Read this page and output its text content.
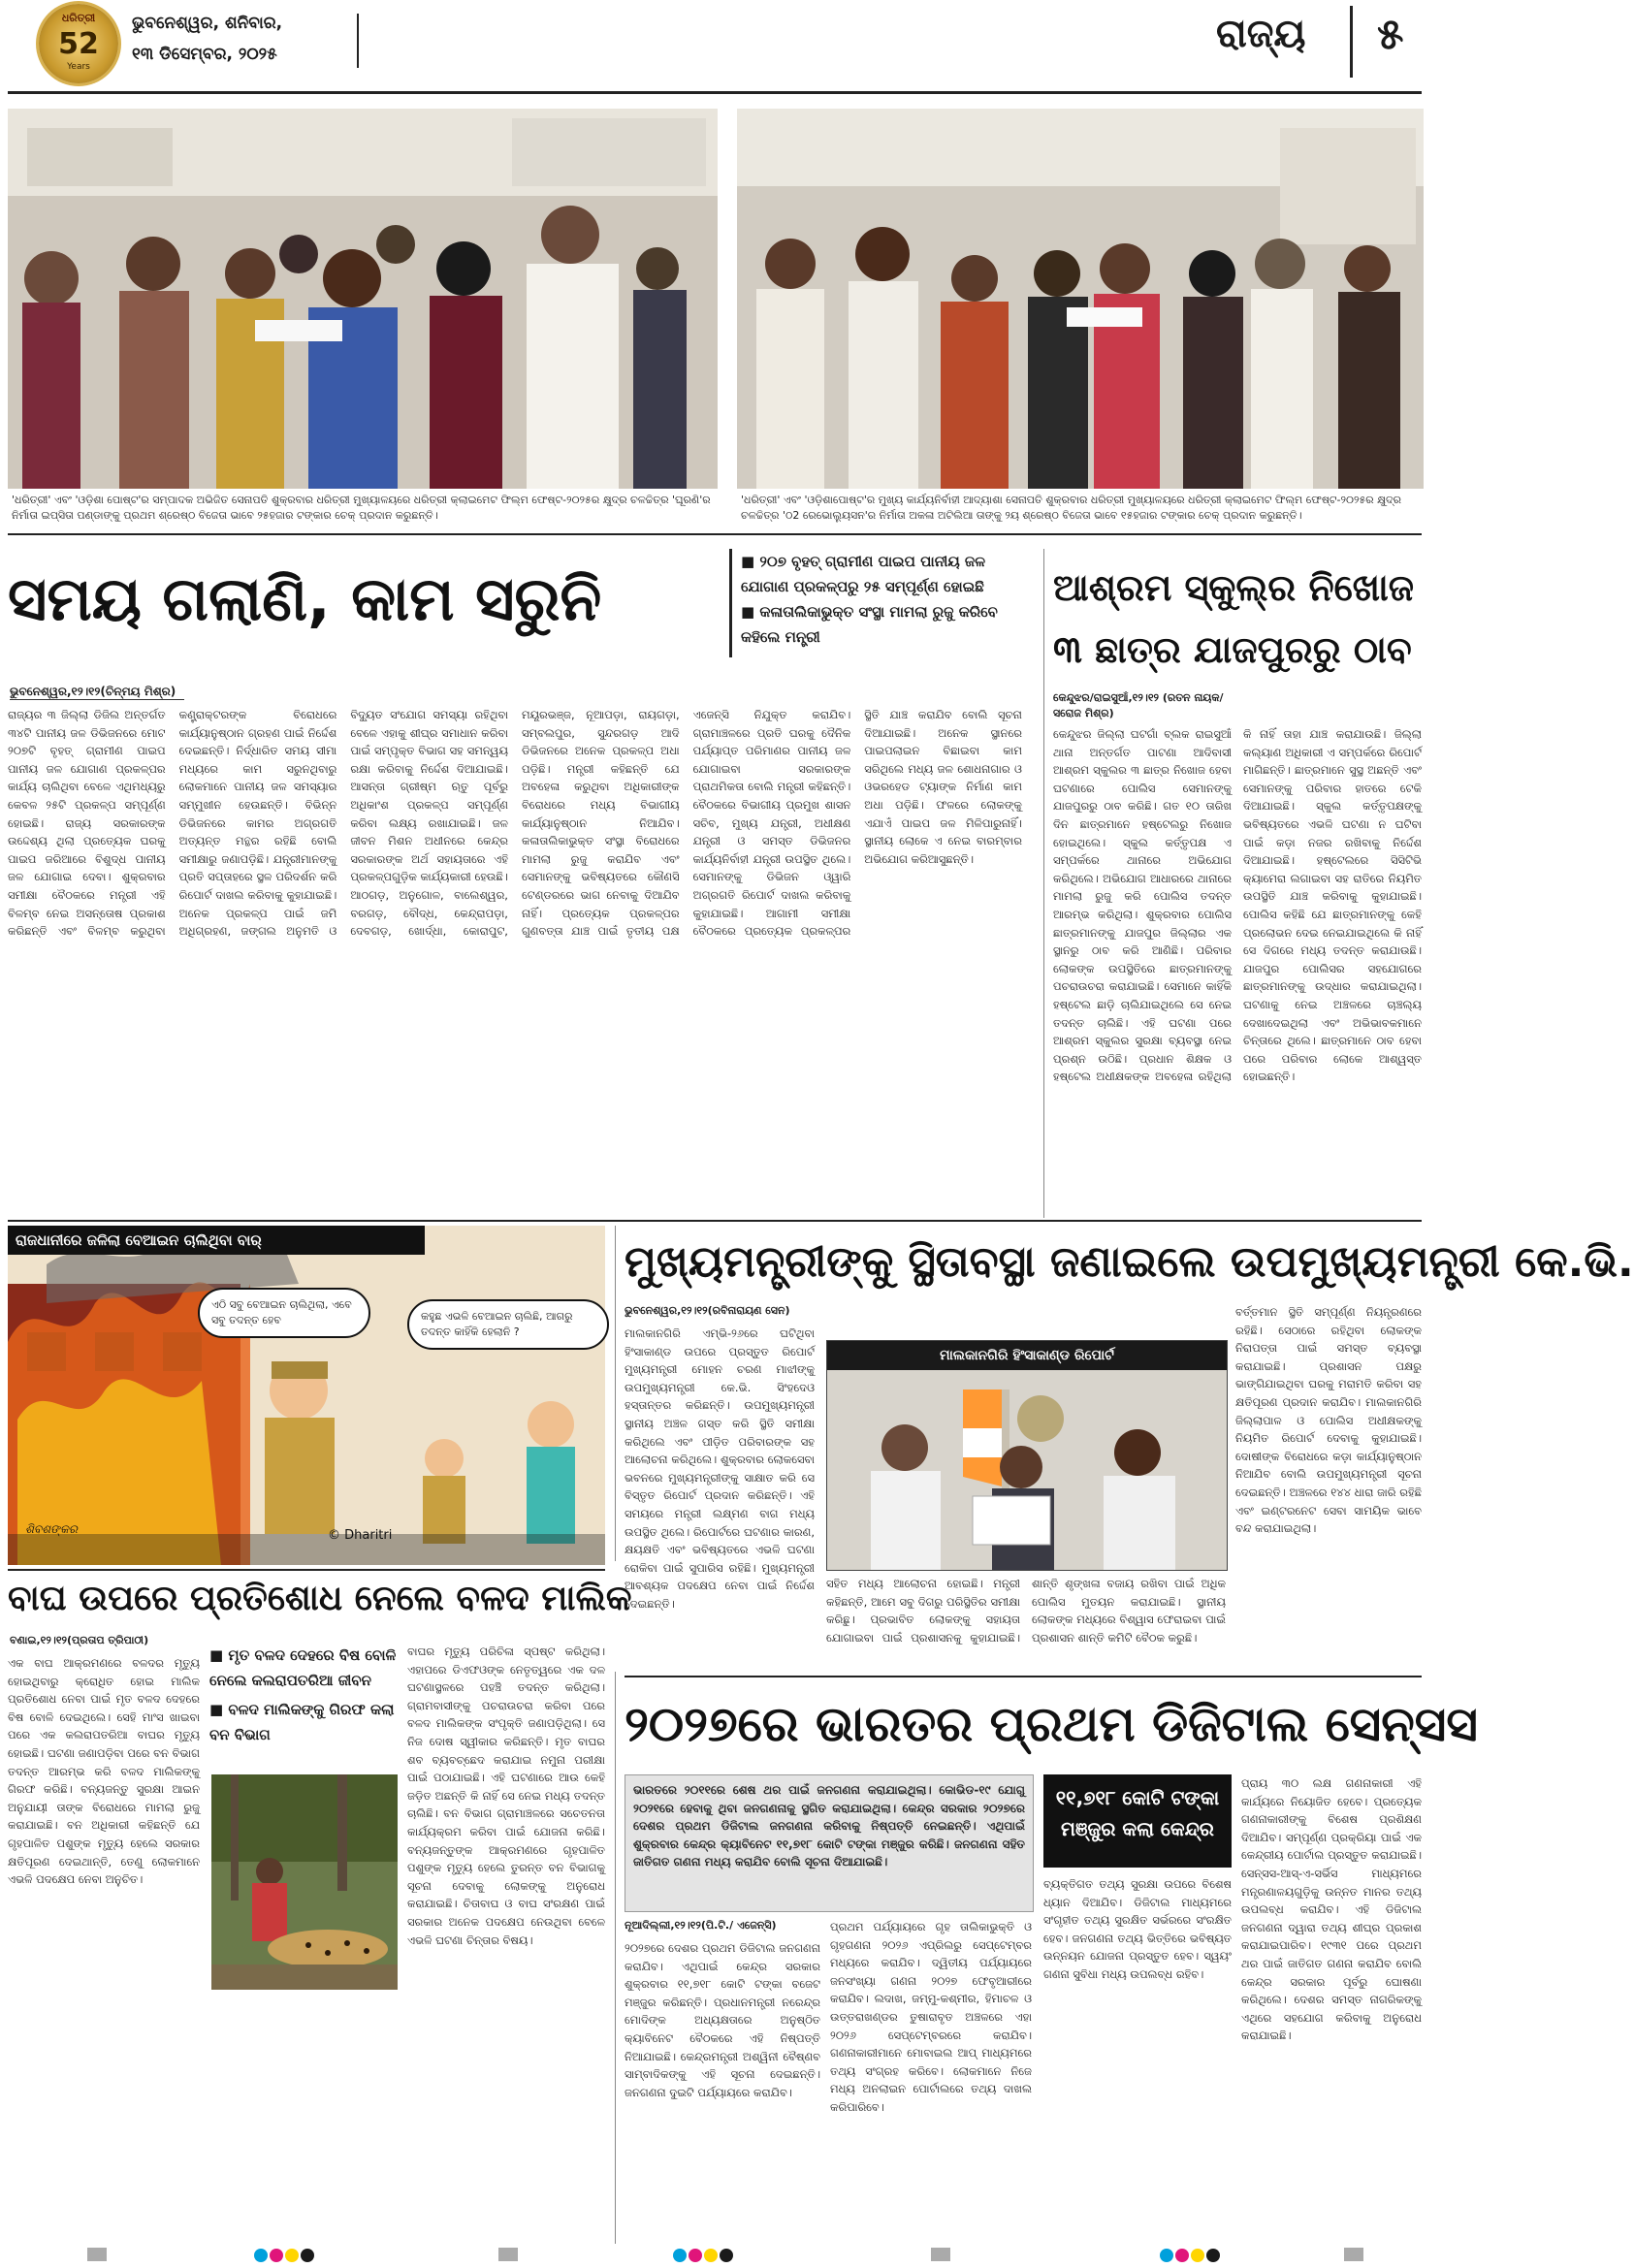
ଧରିତ୍ରୀ
52
Years
ଭୁବନେଶ୍ୱର, ଶନିବାର,
୧୩ ଡିସେମ୍ବର, ୨୦୨୫	ରାଜ୍ୟ ୫
'ଧରିତ୍ରୀ' ଏବଂ 'ଓଡ଼ିଶା ପୋଷ୍ଟ'ର ସମ୍ପାଦକ ଅଭିଜିତ ସେନାପତି ଶୁକ୍ରବାର ଧରିତ୍ରୀ ମୁଖ୍ୟାଳୟରେ ଧରିତ୍ରୀ କ୍ଲାଇମେଟ ଫିଲ୍ମ ଫେଷ୍ଟ-୨୦୨୫ର କ୍ଷୁଦ୍ର ଚଳଚ୍ଚିତ୍ର 'ଘୂରଣି'ର ନିର୍ମାତା ଇପ୍ସିତା ପଣ୍ଡାଙ୍କୁ ପ୍ରଥମ ଶ୍ରେଷ୍ଠ ବିଜେତା ଭାବେ ୨୫ହଜାର ଟଙ୍କାର ଚେକ୍ ପ୍ରଦାନ କରୁଛନ୍ତି।
'ଧରିତ୍ରୀ' ଏବଂ 'ଓଡ଼ିଶାପୋଷ୍ଟ'ର ମୁଖ୍ୟ କାର୍ଯ୍ୟନିର୍ବାହୀ ଆଦ୍ୟାଶା ସେନାପତି ଶୁକ୍ରବାର ଧରିତ୍ରୀ ମୁଖ୍ୟାଳୟରେ ଧରିତ୍ରୀ କ୍ଲାଇମେଟ ଫିଲ୍ମ ଫେଷ୍ଟ-୨୦୨୫ର କ୍ଷୁଦ୍ର ଚଳଚ୍ଚିତ୍ର 'ଠ2 ରେଭୋଲ୍ୟୁସନ'ର ନିର୍ମାତା ଅକଳା ଅଟିଲିଆ ତାଙ୍କୁ ୨ୟ ଶ୍ରେଷ୍ଠ ବିଜେତା ଭାବେ ୧୫ହଜାର ଟଙ୍କାର ଚେକ୍ ପ୍ରଦାନ କରୁଛନ୍ତି।
ସମୟ ଗଲାଣି, କାମ ସରୁନି
■ ୨୦୭ ବୃହତ୍ ଗ୍ରାମୀଣ ପାଇପ ପାନୀୟ ଜଳ ଯୋଗାଣ ପ୍ରକଳ୍ପରୁ ୨୫ ସମ୍ପୂର୍ଣ୍ଣ ହୋଇଛି
■ କଳାତାଲିକାଭୁକ୍ତ ସଂସ୍ଥା ମାମଲା ରୁଜୁ କରିବେ କହିଲେ ମନ୍ତ୍ରୀ
ଭୁବନେଶ୍ୱର,୧୨।୧୨(ଚିନ୍ମୟ ମିଶ୍ର)
ରାଜ୍ୟର ୩ ଜିଲ୍ଲା ଡିଜିଲ ଅନ୍ତର୍ଗତ ୩୪ଟି ପାନୀୟ ଜଳ ଡିଭିଜନରେ ମୋଟ ୨୦୭ଟି ବୃହତ୍ ଗ୍ରାମୀଣ ପାଇପ ପାନୀୟ ଜଳ ଯୋଗାଣ ପ୍ରକଳ୍ପର କାର୍ଯ୍ୟ ଚାଲିଥିବା ବେଳେ ଏଥିମଧ୍ୟରୁ କେବଳ ୨୫ଟି ପ୍ରକଳ୍ପ ସମ୍ପୂର୍ଣ୍ଣ ହୋଇଛି। ରାଜ୍ୟ ସରକାରଙ୍କ ଉଦ୍ଦେଶ୍ୟ ଥିଲା ପ୍ରତ୍ୟେକ ଘରକୁ ପାଇପ ଜରିଆରେ ବିଶୁଦ୍ଧ ପାନୀୟ ଜଳ ଯୋଗାଇ ଦେବା। ଶୁକ୍ରବାର ସମୀକ୍ଷା ବୈଠକରେ ମନ୍ତ୍ରୀ ଏହି ବିଳମ୍ବ ନେଇ ଅସନ୍ତୋଷ ପ୍ରକାଶ କରିଛନ୍ତି ଏବଂ ବିଳମ୍ବ କରୁଥିବା କଣ୍ଟ୍ରାକ୍ଟରଙ୍କ ବିରୋଧରେ କାର୍ଯ୍ୟାନୁଷ୍ଠାନ ଗ୍ରହଣ ପାଇଁ ନିର୍ଦ୍ଦେଶ ଦେଇଛନ୍ତି। ନିର୍ଦ୍ଧାରିତ ସମୟ ସୀମା ମଧ୍ୟରେ କାମ ସରୁନଥିବାରୁ ଲୋକମାନେ ପାନୀୟ ଜଳ ସମସ୍ୟାର ସମ୍ମୁଖୀନ ହେଉଛନ୍ତି। ବିଭିନ୍ନ ଡିଭିଜନରେ କାମର ଅଗ୍ରଗତି ଅତ୍ୟନ୍ତ ମନ୍ଥର ରହିଛି ବୋଲି ସମୀକ୍ଷାରୁ ଜଣାପଡ଼ିଛି। ଯନ୍ତ୍ରୀମାନଙ୍କୁ ପ୍ରତି ସପ୍ତାହରେ ସ୍ଥଳ ପରିଦର୍ଶନ କରି ରିପୋର୍ଟ ଦାଖଲ କରିବାକୁ କୁହାଯାଇଛି। ଅନେକ ପ୍ରକଳ୍ପ ପାଇଁ ଜମି ଅଧିଗ୍ରହଣ, ଜଙ୍ଗଲ ଅନୁମତି ଓ ବିଦ୍ୟୁତ ସଂଯୋଗ ସମସ୍ୟା ରହିଥିବା ବେଳେ ଏହାକୁ ଶୀଘ୍ର ସମାଧାନ କରିବା ପାଇଁ ସମ୍ପୃକ୍ତ ବିଭାଗ ସହ ସମନ୍ୱୟ ରକ୍ଷା କରିବାକୁ ନିର୍ଦ୍ଦେଶ ଦିଆଯାଇଛି। ଆସନ୍ତା ଗ୍ରୀଷ୍ମ ଋତୁ ପୂର୍ବରୁ ଅଧିକାଂଶ ପ୍ରକଳ୍ପ ସମ୍ପୂର୍ଣ୍ଣ କରିବା ଲକ୍ଷ୍ୟ ରଖାଯାଇଛି। ଜଳ ଜୀବନ ମିଶନ ଅଧୀନରେ କେନ୍ଦ୍ର ସରକାରଙ୍କ ଅର୍ଥ ସହାୟତାରେ ଏହି ପ୍ରକଳ୍ପଗୁଡ଼ିକ କାର୍ଯ୍ୟକାରୀ ହେଉଛି। ଆଠଗଡ଼, ଅନୁଗୋଳ, ବାଲେଶ୍ୱର, ବରଗଡ଼, ବୌଦ୍ଧ, କେନ୍ଦ୍ରାପଡ଼ା, ଦେବଗଡ଼, ଖୋର୍ଦ୍ଧା, କୋରାପୁଟ, ମୟୂରଭଞ୍ଜ, ନୂଆପଡ଼ା, ରାୟଗଡ଼ା, ସମ୍ବଲପୁର, ସୁନ୍ଦରଗଡ଼ ଆଦି ଡିଭିଜନରେ ଅନେକ ପ୍ରକଳ୍ପ ଅଧା ପଡ଼ିଛି। ମନ୍ତ୍ରୀ କହିଛନ୍ତି ଯେ ଅବହେଳା କରୁଥିବା ଅଧିକାରୀଙ୍କ ବିରୋଧରେ ମଧ୍ୟ ବିଭାଗୀୟ କାର୍ଯ୍ୟାନୁଷ୍ଠାନ ନିଆଯିବ। କଳାତାଲିକାଭୁକ୍ତ ସଂସ୍ଥା ବିରୋଧରେ ମାମଲା ରୁଜୁ କରାଯିବ ଏବଂ ସେମାନଙ୍କୁ ଭବିଷ୍ୟତରେ କୌଣସି ଟେଣ୍ଡରରେ ଭାଗ ନେବାକୁ ଦିଆଯିବ ନାହିଁ। ପ୍ରତ୍ୟେକ ପ୍ରକଳ୍ପର ଗୁଣବତ୍ତା ଯାଞ୍ଚ ପାଇଁ ତୃତୀୟ ପକ୍ଷ ଏଜେନ୍ସି ନିଯୁକ୍ତ କରାଯିବ। ଗ୍ରାମାଞ୍ଚଳରେ ପ୍ରତି ଘରକୁ ଦୈନିକ ପର୍ଯ୍ୟାପ୍ତ ପରିମାଣର ପାନୀୟ ଜଳ ଯୋଗାଇବା ସରକାରଙ୍କ ପ୍ରାଥମିକତା ବୋଲି ମନ୍ତ୍ରୀ କହିଛନ୍ତି। ବୈଠକରେ ବିଭାଗୀୟ ପ୍ରମୁଖ ଶାସନ ସଚିବ, ମୁଖ୍ୟ ଯନ୍ତ୍ରୀ, ଅଧୀକ୍ଷଣ ଯନ୍ତ୍ରୀ ଓ ସମସ୍ତ ଡିଭିଜନର କାର୍ଯ୍ୟନିର୍ବାହୀ ଯନ୍ତ୍ରୀ ଉପସ୍ଥିତ ଥିଲେ। ସେମାନଙ୍କୁ ଡିଭିଜନ ଓ୍ୱାରି ଅଗ୍ରଗତି ରିପୋର୍ଟ ଦାଖଲ କରିବାକୁ କୁହାଯାଇଛି। ଆଗାମୀ ସମୀକ୍ଷା ବୈଠକରେ ପ୍ରତ୍ୟେକ ପ୍ରକଳ୍ପର ସ୍ଥିତି ଯାଞ୍ଚ କରାଯିବ ବୋଲି ସୂଚନା ଦିଆଯାଇଛି। ଅନେକ ସ୍ଥାନରେ ପାଇପଲାଇନ ବିଛାଇବା କାମ ସରିଥିଲେ ମଧ୍ୟ ଜଳ ଶୋଧନାଗାର ଓ ଓଭରହେଡ ଟ୍ୟାଙ୍କ ନିର୍ମାଣ କାମ ଅଧା ପଡ଼ିଛି। ଫଳରେ ଲୋକଙ୍କୁ ଏଯାଏଁ ପାଇପ ଜଳ ମିଳିପାରୁନାହିଁ। ସ୍ଥାନୀୟ ଲୋକେ ଏ ନେଇ ବାରମ୍ବାର ଅଭିଯୋଗ କରିଆସୁଛନ୍ତି।
ଆଶ୍ରମ ସ୍କୁଲ୍‌ର ନିଖୋଜ
୩ ଛାତ୍ର ଯାଜପୁରରୁ ଠାବ
କେନ୍ଦୁଝର/ରାଇସୁଆଁ,୧୨।୧୨ (ରତନ ନାୟକ/ସରୋଜ ମିଶ୍ର)
କେନ୍ଦୁଝର ଜିଲ୍ଲା ଘଟଗାଁ ବ୍ଲକ ରାଇସୁଆଁ ଥାନା ଅନ୍ତର୍ଗତ ପାଟଣା ଆଦିବାସୀ ଆଶ୍ରମ ସ୍କୁଲର ୩ ଛାତ୍ର ନିଖୋଜ ହେବା ଘଟଣାରେ ପୋଲିସ ସେମାନଙ୍କୁ ଯାଜପୁରରୁ ଠାବ କରିଛି। ଗତ ୧୦ ତାରିଖ ଦିନ ଛାତ୍ରମାନେ ହଷ୍ଟେଲରୁ ନିଖୋଜ ହୋଇଥିଲେ। ସ୍କୁଲ କର୍ତ୍ତୃପକ୍ଷ ଏ ସମ୍ପର୍କରେ ଥାନାରେ ଅଭିଯୋଗ କରିଥିଲେ। ଅଭିଯୋଗ ଆଧାରରେ ଥାନାରେ ମାମଲା ରୁଜୁ କରି ପୋଲିସ ତଦନ୍ତ ଆରମ୍ଭ କରିଥିଲା। ଶୁକ୍ରବାର ପୋଲିସ ଛାତ୍ରମାନଙ୍କୁ ଯାଜପୁର ଜିଲ୍ଲାର ଏକ ସ୍ଥାନରୁ ଠାବ କରି ଆଣିଛି। ପରିବାର ଲୋକଙ୍କ ଉପସ୍ଥିତିରେ ଛାତ୍ରମାନଙ୍କୁ ପଚରାଉଚରା କରାଯାଇଛି। ସେମାନେ କାହିଁକି ହଷ୍ଟେଲ ଛାଡ଼ି ଚାଲିଯାଇଥିଲେ ସେ ନେଇ ତଦନ୍ତ ଚାଲିଛି। ଏହି ଘଟଣା ପରେ ଆଶ୍ରମ ସ୍କୁଲର ସୁରକ୍ଷା ବ୍ୟବସ୍ଥା ନେଇ ପ୍ରଶ୍ନ ଉଠିଛି। ପ୍ରଧାନ ଶିକ୍ଷକ ଓ ହଷ୍ଟେଲ ଅଧୀକ୍ଷକଙ୍କ ଅବହେଳା ରହିଥିଲା କି ନାହିଁ ତାହା ଯାଞ୍ଚ କରାଯାଉଛି। ଜିଲ୍ଲା କଲ୍ୟାଣ ଅଧିକାରୀ ଏ ସମ୍ପର୍କରେ ରିପୋର୍ଟ ମାଗିଛନ୍ତି। ଛାତ୍ରମାନେ ସୁସ୍ଥ ଅଛନ୍ତି ଏବଂ ସେମାନଙ୍କୁ ପରିବାର ହାତରେ ଟେକି ଦିଆଯାଇଛି। ସ୍କୁଲ କର୍ତ୍ତୃପକ୍ଷଙ୍କୁ ଭବିଷ୍ୟତରେ ଏଭଳି ଘଟଣା ନ ଘଟିବା ପାଇଁ କଡ଼ା ନଜର ରଖିବାକୁ ନିର୍ଦ୍ଦେଶ ଦିଆଯାଇଛି। ହଷ୍ଟେଲରେ ସିସିଟିଭି କ୍ୟାମେରା ଲଗାଇବା ସହ ରାତିରେ ନିୟମିତ ଉପସ୍ଥିତି ଯାଞ୍ଚ କରିବାକୁ କୁହାଯାଇଛି। ପୋଲିସ କହିଛି ଯେ ଛାତ୍ରମାନଙ୍କୁ କେହି ପ୍ରଲୋଭନ ଦେଇ ନେଇଯାଇଥିଲେ କି ନାହିଁ ସେ ଦିଗରେ ମଧ୍ୟ ତଦନ୍ତ କରାଯାଉଛି। ଯାଜପୁର ପୋଲିସର ସହଯୋଗରେ ଛାତ୍ରମାନଙ୍କୁ ଉଦ୍ଧାର କରାଯାଇଥିଲା। ଘଟଣାକୁ ନେଇ ଅଞ୍ଚଳରେ ଚାଞ୍ଚଲ୍ୟ ଦେଖାଦେଇଥିଲା ଏବଂ ଅଭିଭାବକମାନେ ଚିନ୍ତାରେ ଥିଲେ। ଛାତ୍ରମାନେ ଠାବ ହେବା ପରେ ପରିବାର ଲୋକେ ଆଶ୍ୱସ୍ତ ହୋଇଛନ୍ତି।
ରାଜଧାନୀରେ ଜଳିଲା ବେଆଇନ ଚାଲିଥିବା ବାର୍‌
ଏଠି ସବୁ ବେଆଇନ ଚାଲିଥିଲା, ଏବେ ସବୁ ତଦନ୍ତ ହେବ	କହୁଛ ଏଭଳି ବେଆଇନ ଚାଲିଛି, ଆଗରୁ ତଦନ୍ତ କାହିଁକି ହେଲାନି ?
ଶିବଶଙ୍କର	© Dharitri
ମୁଖ୍ୟମନ୍ତ୍ରୀଙ୍କୁ ସ୍ଥିତାବସ୍ଥା ଜଣାଇଲେ ଉପମୁଖ୍ୟମନ୍ତ୍ରୀ କେ.ଭି.
ଭୁବନେଶ୍ୱର,୧୨।୧୨(ରବିନାରାୟଣ ସେନ)
ମାଲକାନଗିରି ଏମ୍‌ଭି-୨୬ରେ ଘଟିଥିବା ହିଂସାକାଣ୍ଡ ଉପରେ ପ୍ରସ୍ତୁତ ରିପୋର୍ଟ ମୁଖ୍ୟମନ୍ତ୍ରୀ ମୋହନ ଚରଣ ମାଝୀଙ୍କୁ ଉପମୁଖ୍ୟମନ୍ତ୍ରୀ କେ.ଭି. ସିଂହଦେଓ ହସ୍ତାନ୍ତର କରିଛନ୍ତି। ଉପମୁଖ୍ୟମନ୍ତ୍ରୀ ସ୍ଥାନୀୟ ଅଞ୍ଚଳ ଗସ୍ତ କରି ସ୍ଥିତି ସମୀକ୍ଷା କରିଥିଲେ ଏବଂ ପୀଡ଼ିତ ପରିବାରଙ୍କ ସହ ଆଲୋଚନା କରିଥିଲେ। ଶୁକ୍ରବାର ଲୋକସେବା ଭବନରେ ମୁଖ୍ୟମନ୍ତ୍ରୀଙ୍କୁ ସାକ୍ଷାତ କରି ସେ ବିସ୍ତୃତ ରିପୋର୍ଟ ପ୍ରଦାନ କରିଛନ୍ତି। ଏହି ସମୟରେ ମନ୍ତ୍ରୀ ଲକ୍ଷ୍ମଣ ବାଗ ମଧ୍ୟ ଉପସ୍ଥିତ ଥିଲେ। ରିପୋର୍ଟରେ ଘଟଣାର କାରଣ, କ୍ଷୟକ୍ଷତି ଏବଂ ଭବିଷ୍ୟତରେ ଏଭଳି ଘଟଣା ରୋକିବା ପାଇଁ ସୁପାରିସ ରହିଛି। ମୁଖ୍ୟମନ୍ତ୍ରୀ ଆବଶ୍ୟକ ପଦକ୍ଷେପ ନେବା ପାଇଁ ନିର୍ଦ୍ଦେଶ ଦେଇଛନ୍ତି।
ମାଲକାନଗିରି ହିଂସାକାଣ୍ଡ ରିପୋର୍ଟ
ସହିତ ମଧ୍ୟ ଆଲୋଚନା ହୋଇଛି। ମନ୍ତ୍ରୀ କହିଛନ୍ତି, ଆମେ ସବୁ ଦିଗରୁ ପରିସ୍ଥିତିର ସମୀକ୍ଷା କରିଛୁ। ପ୍ରଭାବିତ ଲୋକଙ୍କୁ ସହାୟତା ଯୋଗାଇବା ପାଇଁ ପ୍ରଶାସନକୁ କୁହାଯାଇଛି। ଶାନ୍ତି ଶୃଙ୍ଖଳା ବଜାୟ ରଖିବା ପାଇଁ ଅଧିକ ପୋଲିସ ମୁତୟନ କରାଯାଇଛି। ସ୍ଥାନୀୟ ଲୋକଙ୍କ ମଧ୍ୟରେ ବିଶ୍ୱାସ ଫେରାଇବା ପାଇଁ ପ୍ରଶାସନ ଶାନ୍ତି କମିଟି ବୈଠକ କରୁଛି।
ବର୍ତ୍ତମାନ ସ୍ଥିତି ସମ୍ପୂର୍ଣ୍ଣ ନିୟନ୍ତ୍ରଣରେ ରହିଛି। ସେଠାରେ ରହିଥିବା ଲୋକଙ୍କ ନିରାପତ୍ତା ପାଇଁ ସମସ୍ତ ବ୍ୟବସ୍ଥା କରାଯାଇଛି। ପ୍ରଶାସନ ପକ୍ଷରୁ ଭାଙ୍ଗିଯାଇଥିବା ଘରକୁ ମରାମତି କରିବା ସହ କ୍ଷତିପୂରଣ ପ୍ରଦାନ କରାଯିବ। ମାଲକାନଗିରି ଜିଲ୍ଲାପାଳ ଓ ପୋଲିସ ଅଧୀକ୍ଷକଙ୍କୁ ନିୟମିତ ରିପୋର୍ଟ ଦେବାକୁ କୁହାଯାଇଛି। ଦୋଷୀଙ୍କ ବିରୋଧରେ କଡ଼ା କାର୍ଯ୍ୟାନୁଷ୍ଠାନ ନିଆଯିବ ବୋଲି ଉପମୁଖ୍ୟମନ୍ତ୍ରୀ ସୂଚନା ଦେଇଛନ୍ତି। ଅଞ୍ଚଳରେ ୧୪୪ ଧାରା ଜାରି ରହିଛି ଏବଂ ଇଣ୍ଟରନେଟ ସେବା ସାମୟିକ ଭାବେ ବନ୍ଦ କରାଯାଇଥିଲା।
ବାଘ ଉପରେ ପ୍ରତିଶୋଧ ନେଲେ ବଳଦ ମାଲିକ
ବଣାଇ,୧୨।୧୨(ପ୍ରତାପ ତ୍ରିପାଠୀ)
ଏକ ବାଘ ଆକ୍ରମଣରେ ବଳଦର ମୃତ୍ୟୁ ହୋଇଥିବାରୁ କ୍ରୋଧିତ ହୋଇ ମାଲିକ ପ୍ରତିଶୋଧ ନେବା ପାଇଁ ମୃତ ବଳଦ ଦେହରେ ବିଷ ବୋଳି ଦେଇଥିଲେ। ସେହି ମାଂସ ଖାଇବା ପରେ ଏକ କଲରାପତରିଆ ବାଘର ମୃତ୍ୟୁ ହୋଇଛି। ଘଟଣା ଜଣାପଡ଼ିବା ପରେ ବନ ବିଭାଗ ତଦନ୍ତ ଆରମ୍ଭ କରି ବଳଦ ମାଲିକଙ୍କୁ ଗିରଫ କରିଛି। ବନ୍ୟଜନ୍ତୁ ସୁରକ୍ଷା ଆଇନ ଅନୁଯାୟୀ ତାଙ୍କ ବିରୋଧରେ ମାମଲା ରୁଜୁ କରାଯାଇଛି। ବନ ଅଧିକାରୀ କହିଛନ୍ତି ଯେ ଗୃହପାଳିତ ପଶୁଙ୍କ ମୃତ୍ୟୁ ହେଲେ ସରକାର କ୍ଷତିପୂରଣ ଦେଇଥାନ୍ତି, ତେଣୁ ଲୋକମାନେ ଏଭଳି ପଦକ୍ଷେପ ନେବା ଅନୁଚିତ।
■ ମୃତ ବଳଦ ଦେହରେ ବିଷ ବୋଳି ନେଲେ କଲରାପତରିଆ ଜୀବନ
■ ବଳଦ ମାଲିକଙ୍କୁ ଗିରଫ କଲା ବନ ବିଭାଗ
ବାଘର ମୃତ୍ୟୁ ପରିଚିଳା ସ୍ପଷ୍ଟ କରିଥିଲା। ଏହାପରେ ଡିଏଫଓଙ୍କ ନେତୃତ୍ୱରେ ଏକ ଦଳ ଘଟଣାସ୍ଥଳରେ ପହଞ୍ଚି ତଦନ୍ତ କରିଥିଲା। ଗ୍ରାମବାସୀଙ୍କୁ ପଚରାଉଚରା କରିବା ପରେ ବଳଦ ମାଲିକଙ୍କ ସଂପୃକ୍ତି ଜଣାପଡ଼ିଥିଲା। ସେ ନିଜ ଦୋଷ ସ୍ୱୀକାର କରିଛନ୍ତି। ମୃତ ବାଘର ଶବ ବ୍ୟବଚ୍ଛେଦ କରାଯାଇ ନମୁନା ପରୀକ୍ଷା ପାଇଁ ପଠାଯାଇଛି। ଏହି ଘଟଣାରେ ଆଉ କେହି ଜଡ଼ିତ ଅଛନ୍ତି କି ନାହିଁ ସେ ନେଇ ମଧ୍ୟ ତଦନ୍ତ ଚାଲିଛି। ବନ ବିଭାଗ ଗ୍ରାମାଞ୍ଚଳରେ ସଚେତନତା କାର୍ଯ୍ୟକ୍ରମ କରିବା ପାଇଁ ଯୋଜନା କରିଛି। ବନ୍ୟଜନ୍ତୁଙ୍କ ଆକ୍ରମଣରେ ଗୃହପାଳିତ ପଶୁଙ୍କ ମୃତ୍ୟୁ ହେଲେ ତୁରନ୍ତ ବନ ବିଭାଗକୁ ସୂଚନା ଦେବାକୁ ଲୋକଙ୍କୁ ଅନୁରୋଧ କରାଯାଇଛି। ଚିତାବାଘ ଓ ବାଘ ସଂରକ୍ଷଣ ପାଇଁ ସରକାର ଅନେକ ପଦକ୍ଷେପ ନେଉଥିବା ବେଳେ ଏଭଳି ଘଟଣା ଚିନ୍ତାର ବିଷୟ।
୨୦୨୭ରେ ଭାରତର ପ୍ରଥମ ଡିଜିଟାଲ ସେନ୍‌ସସ
ଭାରତରେ ୨୦୧୧ରେ ଶେଷ ଥର ପାଇଁ ଜନଗଣନା କରାଯାଇଥିଲା। କୋଭିଡ-୧୯ ଯୋଗୁ ୨୦୨୧ରେ ହେବାକୁ ଥିବା ଜନଗଣନାକୁ ସ୍ଥଗିତ କରାଯାଇଥିଲା। କେନ୍ଦ୍ର ସରକାର ୨୦୨୭ରେ ଦେଶର ପ୍ରଥମ ଡିଜିଟାଲ ଜନଗଣନା କରିବାକୁ ନିଷ୍ପତ୍ତି ନେଇଛନ୍ତି। ଏଥିପାଇଁ ଶୁକ୍ରବାର କେନ୍ଦ୍ର କ୍ୟାବିନେଟ ୧୧,୭୧୮ କୋଟି ଟଙ୍କା ମଞ୍ଜୁର କରିଛି। ଜନଗଣନା ସହିତ ଜାତିଗତ ଗଣନା ମଧ୍ୟ କରାଯିବ ବୋଲି ସୂଚନା ଦିଆଯାଇଛି।
୧୧,୭୧୮ କୋଟି ଟଙ୍କା
ମଞ୍ଜୁର କଲା କେନ୍ଦ୍ର
ବ୍ୟକ୍ତିଗତ ତଥ୍ୟ ସୁରକ୍ଷା ଉପରେ ବିଶେଷ ଧ୍ୟାନ ଦିଆଯିବ। ଡିଜିଟାଲ ମାଧ୍ୟମରେ ସଂଗୃହୀତ ତଥ୍ୟ ସୁରକ୍ଷିତ ସର୍ଭରରେ ସଂରକ୍ଷିତ ହେବ। ଜନଗଣନା ତଥ୍ୟ ଭିତ୍ତିରେ ଭବିଷ୍ୟତ ଉନ୍ନୟନ ଯୋଜନା ପ୍ରସ୍ତୁତ ହେବ। ସ୍ୱୟଂ ଗଣନା ସୁବିଧା ମଧ୍ୟ ଉପଲବ୍ଧ ରହିବ।
ନୂଆଦିଲ୍ଲୀ,୧୨।୧୨(ପି.ଟି./ ଏଜେନ୍ସି)
୨୦୨୭ରେ ଦେଶର ପ୍ରଥମ ଡିଜିଟାଲ ଜନଗଣନା କରାଯିବ। ଏଥିପାଇଁ କେନ୍ଦ୍ର ସରକାର ଶୁକ୍ରବାର ୧୧,୭୧୮ କୋଟି ଟଙ୍କା ବଜେଟ ମଞ୍ଜୁର କରିଛନ୍ତି। ପ୍ରଧାନମନ୍ତ୍ରୀ ନରେନ୍ଦ୍ର ମୋଦିଙ୍କ ଅଧ୍ୟକ୍ଷତାରେ ଅନୁଷ୍ଠିତ କ୍ୟାବିନେଟ ବୈଠକରେ ଏହି ନିଷ୍ପତ୍ତି ନିଆଯାଇଛି। କେନ୍ଦ୍ରମନ୍ତ୍ରୀ ଅଶ୍ୱିନୀ ବୈଷ୍ଣବ ସାମ୍ବାଦିକଙ୍କୁ ଏହି ସୂଚନା ଦେଇଛନ୍ତି। ଜନଗଣନା ଦୁଇଟି ପର୍ଯ୍ୟାୟରେ କରାଯିବ।
ପ୍ରଥମ ପର୍ଯ୍ୟାୟରେ ଗୃହ ତାଲିକାଭୁକ୍ତି ଓ ଗୃହଗଣନା ୨୦୨୬ ଏପ୍ରିଲରୁ ସେପ୍ଟେମ୍ବର ମଧ୍ୟରେ କରାଯିବ। ଦ୍ୱିତୀୟ ପର୍ଯ୍ୟାୟରେ ଜନସଂଖ୍ୟା ଗଣନା ୨୦୨୭ ଫେବୃଆରୀରେ କରାଯିବ। ଲଦାଖ, ଜମ୍ମୁ-କଶ୍ମୀର, ହିମାଚଳ ଓ ଉତ୍ତରାଖଣ୍ଡର ତୁଷାରାବୃତ ଅଞ୍ଚଳରେ ଏହା ୨୦୨୬ ସେପ୍ଟେମ୍ବରରେ କରାଯିବ। ଗଣନାକାରୀମାନେ ମୋବାଇଲ ଆପ୍ ମାଧ୍ୟମରେ ତଥ୍ୟ ସଂଗ୍ରହ କରିବେ। ଲୋକମାନେ ନିଜେ ମଧ୍ୟ ଅନଲାଇନ ପୋର୍ଟାଲରେ ତଥ୍ୟ ଦାଖଲ କରିପାରିବେ।
ପ୍ରାୟ ୩୦ ଲକ୍ଷ ଗଣନାକାରୀ ଏହି କାର୍ଯ୍ୟରେ ନିୟୋଜିତ ହେବେ। ପ୍ରତ୍ୟେକ ଗଣନାକାରୀଙ୍କୁ ବିଶେଷ ପ୍ରଶିକ୍ଷଣ ଦିଆଯିବ। ସମ୍ପୂର୍ଣ୍ଣ ପ୍ରକ୍ରିୟା ପାଇଁ ଏକ କେନ୍ଦ୍ରୀୟ ପୋର୍ଟାଲ ପ୍ରସ୍ତୁତ କରାଯାଇଛି। ସେନ୍‌ସସ-ଆସ୍-ଏ-ସର୍ଭିସ ମାଧ୍ୟମରେ ମନ୍ତ୍ରଣାଳୟଗୁଡ଼ିକୁ ଉନ୍ନତ ମାନର ତଥ୍ୟ ଉପଲବ୍ଧ କରାଯିବ। ଏହି ଡିଜିଟାଲ ଜନଗଣନା ଦ୍ୱାରା ତଥ୍ୟ ଶୀଘ୍ର ପ୍ରକାଶ କରାଯାଇପାରିବ। ୧୯୩୧ ପରେ ପ୍ରଥମ ଥର ପାଇଁ ଜାତିଗତ ଗଣନା କରାଯିବ ବୋଲି କେନ୍ଦ୍ର ସରକାର ପୂର୍ବରୁ ଘୋଷଣା କରିଥିଲେ। ଦେଶର ସମସ୍ତ ନାଗରିକଙ୍କୁ ଏଥିରେ ସହଯୋଗ କରିବାକୁ ଅନୁରୋଧ କରାଯାଇଛି।
